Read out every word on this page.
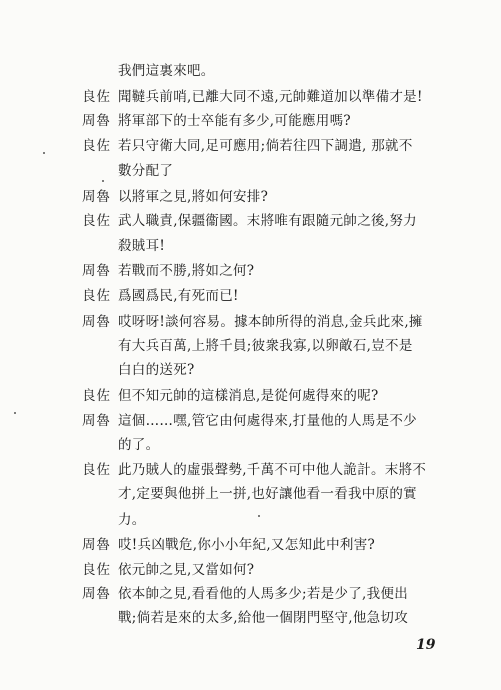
我們這裏來吧。
良佐 聞韃兵前哨,已離大同不遠,元帥難道加以準備才是!
周魯 將軍部下的士卒能有多少,可能應用嗎?
良佐 若只守衛大同,足可應用;倘若往四下調遣, 那就不
數分配了
周魯 以將軍之見,將如何安排?
良佐 武人職責,保疆衞國。末將唯有跟隨元帥之後,努力
殺賊耳!
周魯 若戰而不勝,將如之何?
良佐 爲國爲民,有死而已!
周魯 哎呀呀!談何容易。據本帥所得的消息,金兵此來,擁
有大兵百萬,上將千員;彼衆我寡,以卵敵石,豈不是
白白的送死?
良佐 但不知元帥的這樣消息,是從何處得來的呢?
周魯 這個……嘿,管它由何處得來,打量他的人馬是不少
的了。
良佐 此乃賊人的虛張聲勢,千萬不可中他人詭計。末將不
才,定要與他拼上一拼,也好讓他看一看我中原的實
力。
周魯 哎!兵凶戰危,你小小年紀,又怎知此中利害?
良佐 依元帥之見,又當如何?
周魯 依本帥之見,看看他的人馬多少;若是少了,我便出
戰;倘若是來的太多,給他一個閉門堅守,他急切攻
19
